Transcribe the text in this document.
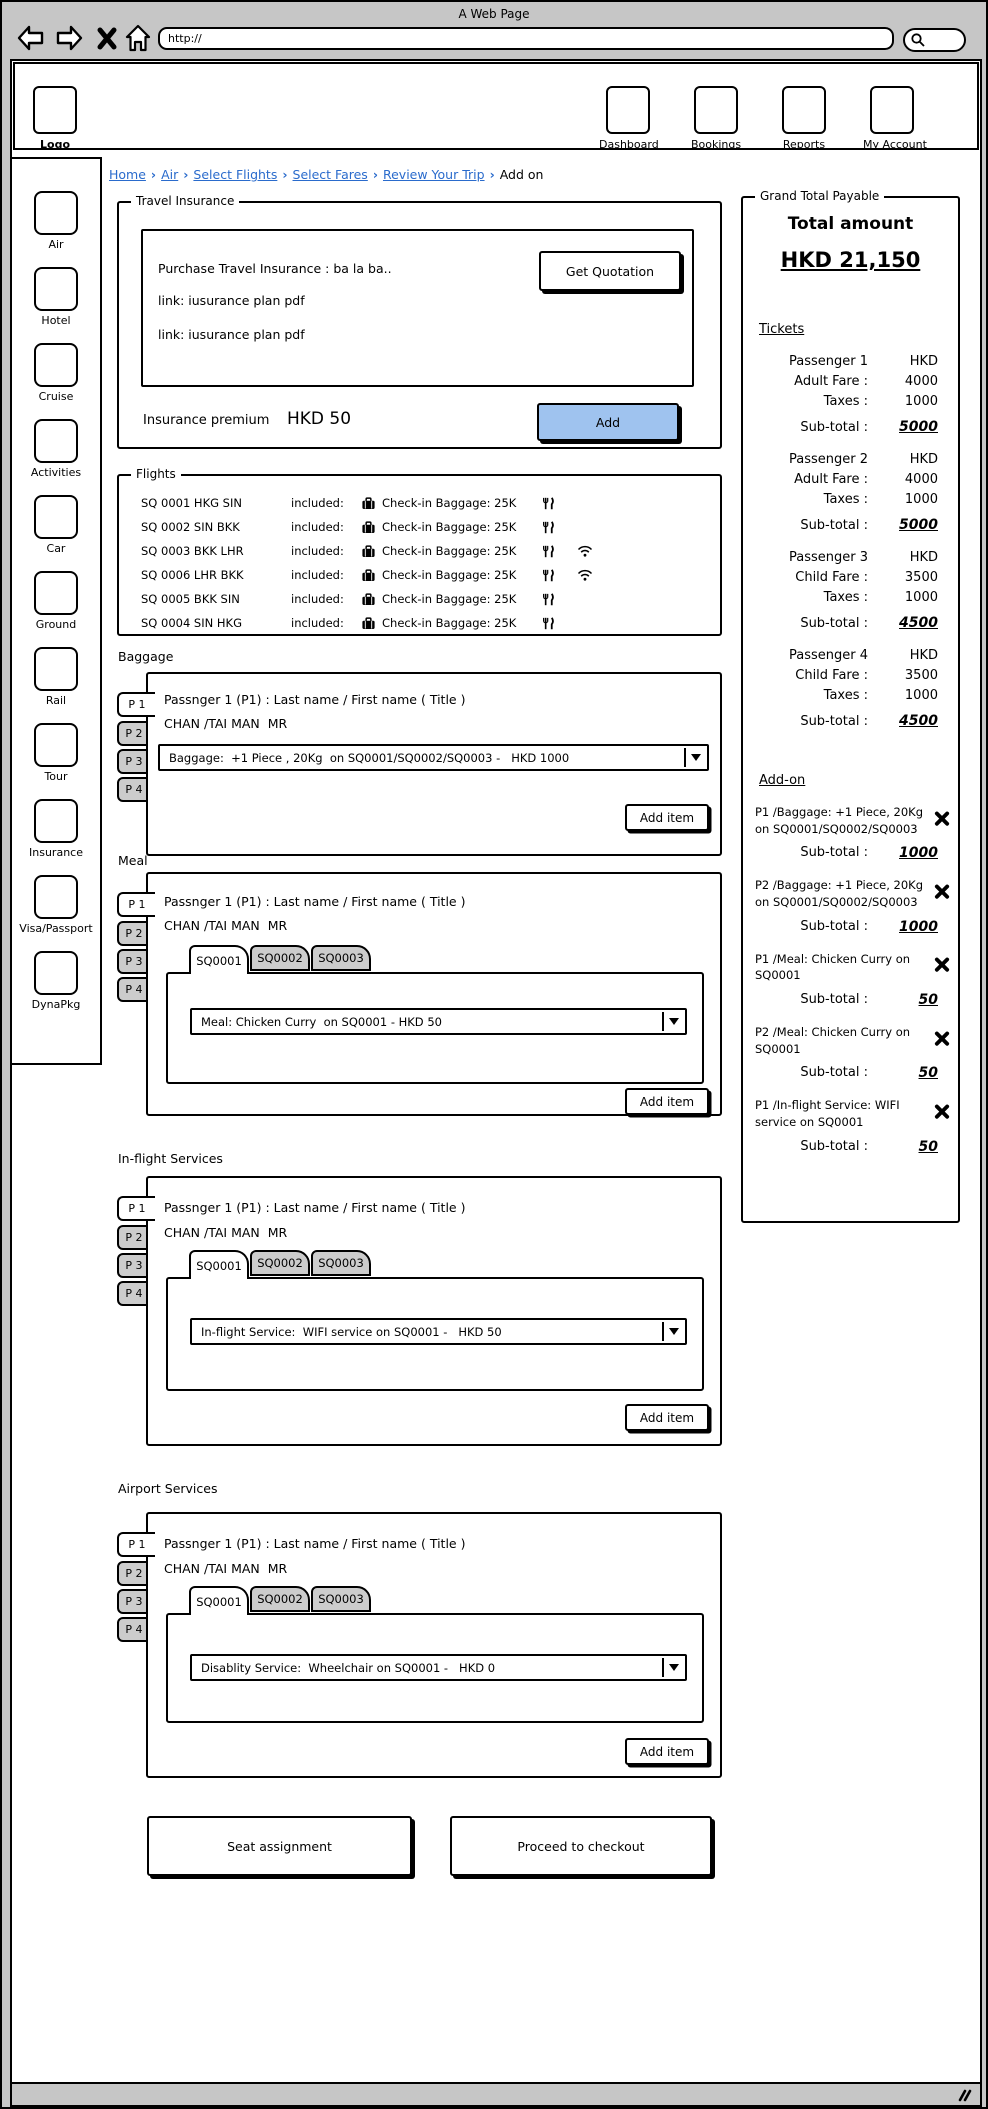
A Web Page
http://
Logo	Dashboard	Bookings	Reports	My Account
Air
Hotel
Cruise
Activities
Car
Ground
Rail
Tour
Insurance
Visa/Passport
DynaPkg
Home › Air › Select Flights › Select Fares › Review Your Trip › Add on
Travel Insurance
Purchase Travel Insurance : ba la ba..
link: iusurance plan pdf
link: iusurance plan pdf
Get Quotation
Insurance premium HKD 50	Add
Flights
SQ 0001 HKG SIN	included:	Check-in Baggage: 25K
SQ 0002 SIN BKK	included:	Check-in Baggage: 25K
SQ 0003 BKK LHR	included:	Check-in Baggage: 25K
SQ 0006 LHR BKK	included:	Check-in Baggage: 25K
SQ 0005 BKK SIN	included:	Check-in Baggage: 25K
SQ 0004 SIN HKG	included:	Check-in Baggage: 25K
Baggage
P 1
P 2
P 3
P 4
Passnger 1 (P1) : Last name / First name ( Title )
CHAN /TAI MAN  MR
Baggage:  +1 Piece , 20Kg  on SQ0001/SQ0002/SQ0003 -   HKD 1000
Add item
Meal
P 1
P 2
P 3
P 4
Passnger 1 (P1) : Last name / First name ( Title )
CHAN /TAI MAN  MR
SQ0001	SQ0002	SQ0003
Meal: Chicken Curry  on SQ0001 - HKD 50
Add item
In-flight Services
P 1
P 2
P 3
P 4
Passnger 1 (P1) : Last name / First name ( Title )
CHAN /TAI MAN  MR
SQ0001	SQ0002	SQ0003
In-flight Service:  WIFI service on SQ0001 -   HKD 50
Add item
Airport Services
P 1
P 2
P 3
P 4
Passnger 1 (P1) : Last name / First name ( Title )
CHAN /TAI MAN  MR
SQ0001	SQ0002	SQ0003
Disablity Service:  Wheelchair on SQ0001 -   HKD 0
Add item
Seat assignment	Proceed to checkout
Grand Total Payable
Total amount
HKD 21,150
Tickets
Passenger 1	HKD
Adult Fare :	4000
Taxes :	1000
Sub-total :	5000
Passenger 2	HKD
Adult Fare :	4000
Taxes :	1000
Sub-total :	5000
Passenger 3	HKD
Child Fare :	3500
Taxes :	1000
Sub-total :	4500
Passenger 4	HKD
Child Fare :	3500
Taxes :	1000
Sub-total :	4500
Add-on
P1 /Baggage: +1 Piece, 20Kg on SQ0001/SQ0002/SQ0003
Sub-total :	1000
P2 /Baggage: +1 Piece, 20Kg on SQ0001/SQ0002/SQ0003
Sub-total :	1000
P1 /Meal: Chicken Curry on SQ0001
Sub-total :	50
P2 /Meal: Chicken Curry on SQ0001
Sub-total :	50
P1 /In-flight Service: WIFI service on SQ0001
Sub-total :	50
